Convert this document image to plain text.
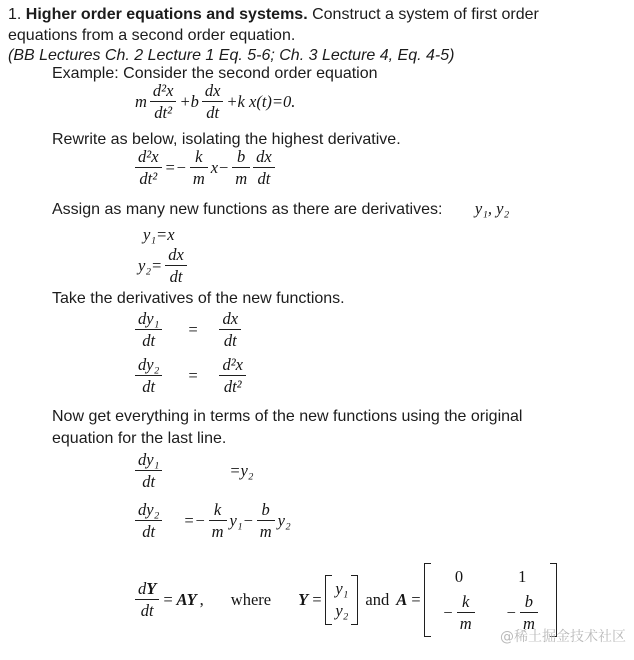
1. Higher order equations and systems. Construct a system of first order
equations from a second order equation.
(BB Lectures Ch. 2 Lecture 1 Eq. 5-6; Ch. 3 Lecture 4, Eq. 4-5)
Example: Consider the second order equation
m $\frac{\text{d²x}}{\text{dt²}} +b \frac{dx}{dt} +k$ x(t)=0.
Rewrite as below, isolating the highest derivative.
$\frac{\text{d²x}}{\text{dt²}} =- \frac{k}{m} x- \frac{b}{m} \frac{dx}{dt}$
Assign as many new functions as there are derivatives: y₁, y₂
y₁=x
$y_2= \frac{dx}{dt}$
Take the derivatives of the new functions.
$\frac{\text{dy₁}}{dt} = \frac{dx}{dt}$
$\frac{\text{dy₂}}{dt} = \frac{\text{d²x}}{\text{dt²}}$
Now get everything in terms of the new functions using the original
equation for the last line.
$\frac{\text{dy₁}}{dt}$	=y₂
$\frac{\text{dy₂}}{dt} =- \frac{k}{m} y_1- \frac{b}{m} y_2$
$\frac{dY}{dt}$ = AY , where Y =
y₁
y₂
and A =
0	1
− $\frac{k}{m} - \frac{b}{m}$
@稀土掘金技术社区
